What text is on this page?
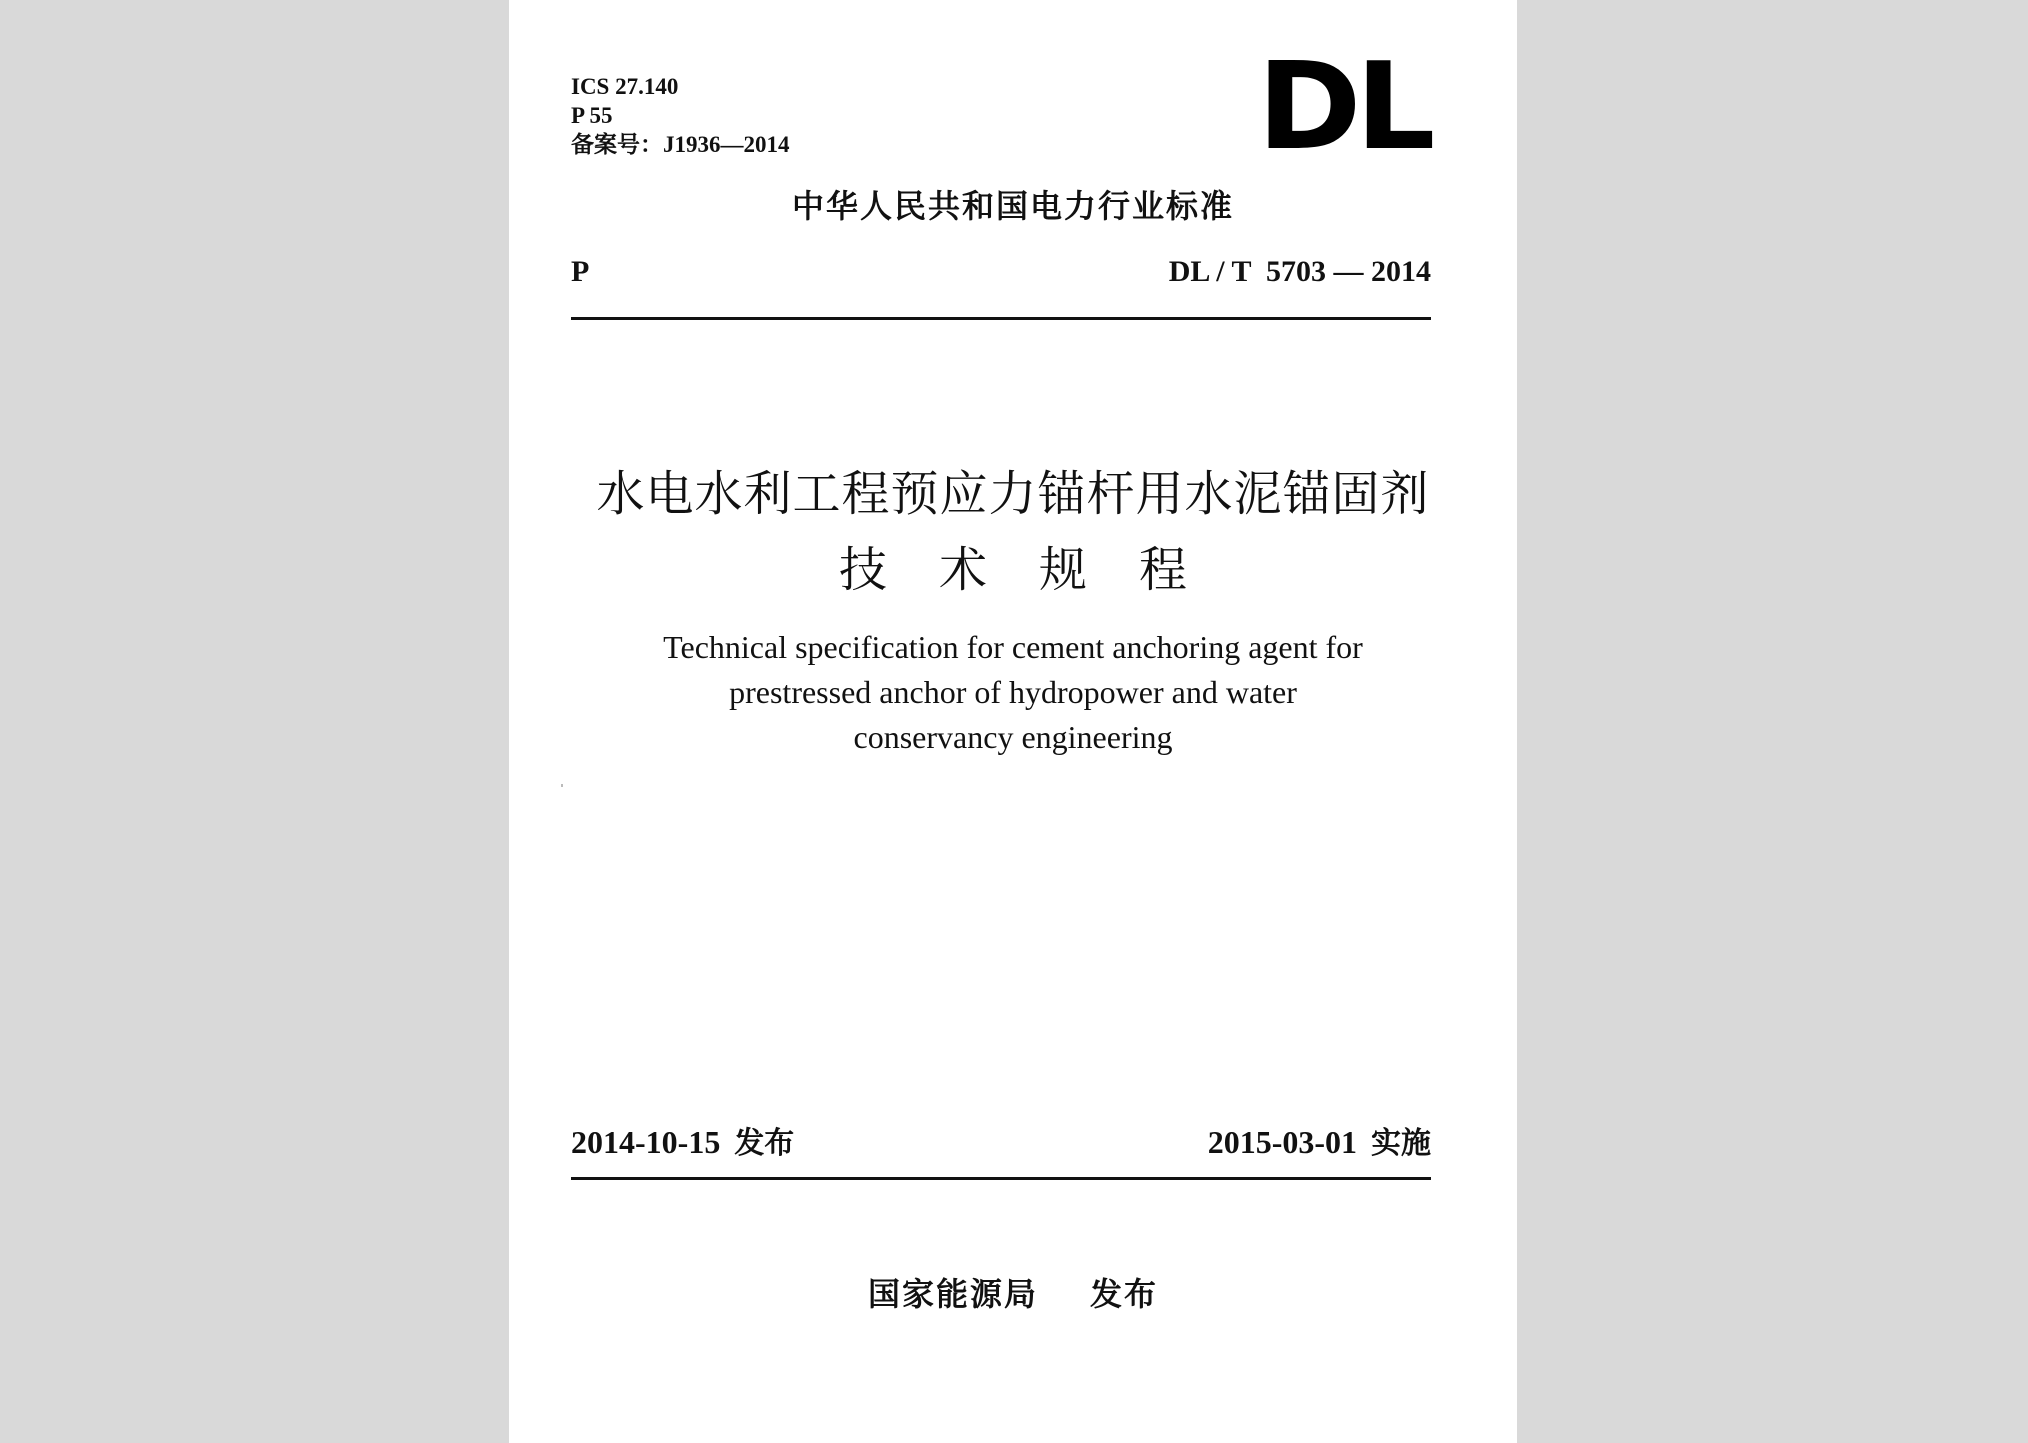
ICS 27.140
P 55
备案号：J1936—2014	DL
中华人民共和国电力行业标准
P	DL / T  5703 — 2014
水电水利工程预应力锚杆用水泥锚固剂
技术规程
Technical specification for cement anchoring agent for
prestressed anchor of hydropower and water
conservancy engineering
2014-10-15 发布	2015-03-01 实施
国家能源局 发布
